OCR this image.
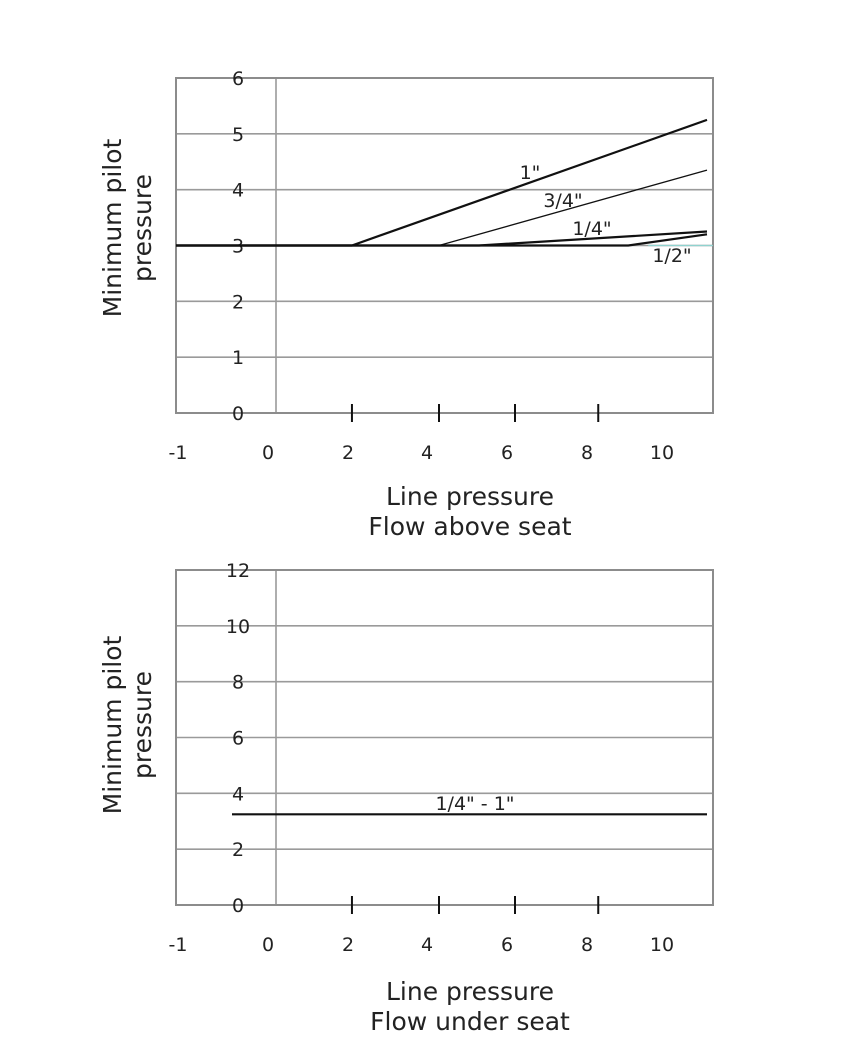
0
1
2
3
4
5
6
-1	0	2	4	6	8	10
Line pressure
Flow above seat
Minimum pilot pressure
1"
3/4"
1/4"
1/2"
0
2
4
6
8
10
12
-1	0	2	4	6	8	10
Line pressure
Flow under seat
Minimum pilot pressure
1/4" - 1"
